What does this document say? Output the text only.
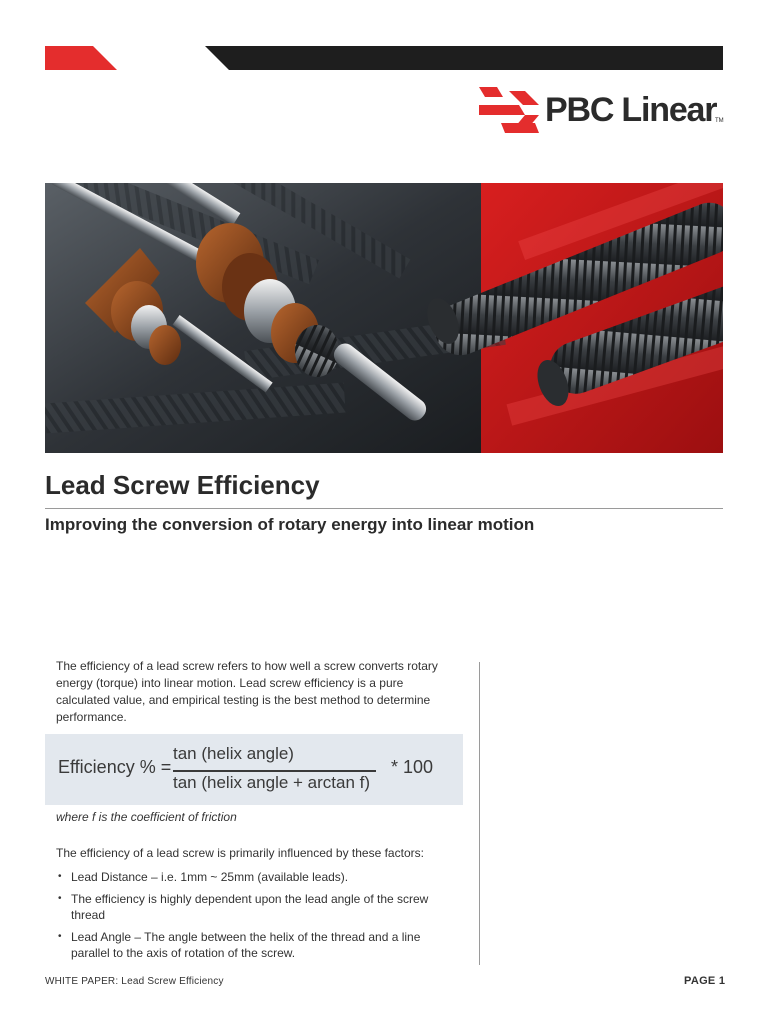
WHITE PAPER
PBC Linear
TM
Lead Screw Efficiency
Improving the conversion of rotary energy into linear motion

The efficiency of a lead screw refers to how well a screw converts rotary energy (torque) into linear motion. Lead screw efficiency is a pure calculated value, and empirical testing is the best method to determine performance.

Efficiency % =
tan (helix angle)
tan (helix angle + arctan f)
* 100
where f is the coefficient of friction
The efficiency of a lead screw is primarily influenced by these factors:
• Lead Distance – i.e. 1mm ~ 25mm (available leads).
• The efficiency is highly dependent upon the lead angle of the screw thread
• Lead Angle – The angle between the helix of the thread and a line parallel to the axis of rotation of the screw.
WHITE PAPER: Lead Screw Efficiency	PAGE 1
